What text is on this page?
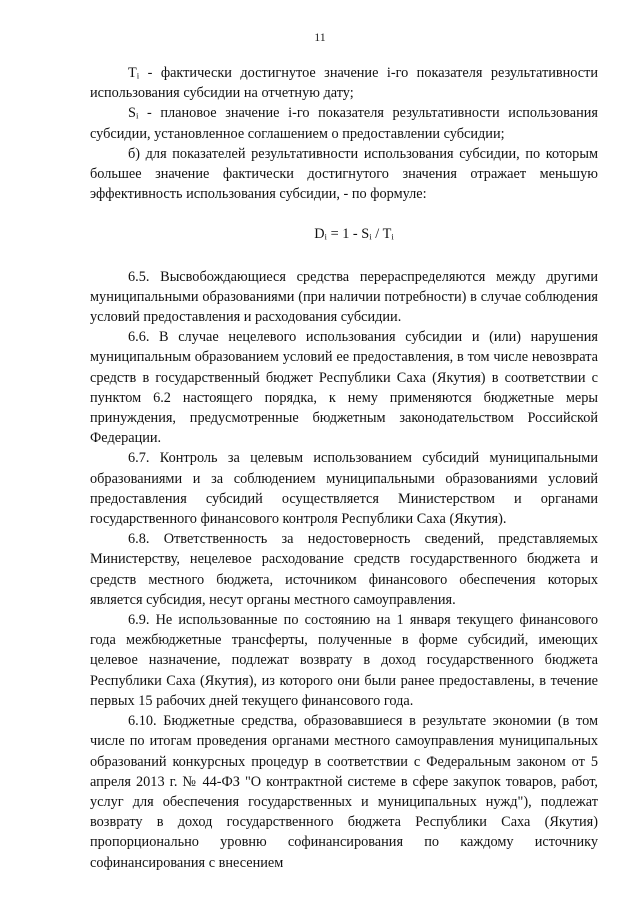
11

$T_i$ - фактически достигнутое значение i-го показателя результативности использования субсидии на отчетную дату;

$S_i$ - плановое значение i-го показателя результативности использования субсидии, установленное соглашением о предоставлении субсидии;

б) для показателей результативности использования субсидии, по которым большее значение фактически достигнутого значения отражает меньшую эффективность использования субсидии, - по формуле:

$D_i = 1 - S_i / T_i$

6.5. Высвобождающиеся средства перераспределяются между другими муниципальными образованиями (при наличии потребности) в случае соблюдения условий предоставления и расходования субсидии.

6.6. В случае нецелевого использования субсидии и (или) нарушения муниципальным образованием условий ее предоставления, в том числе невозврата средств в государственный бюджет Республики Саха (Якутия) в соответствии с пунктом 6.2 настоящего порядка, к нему применяются бюджетные меры принуждения, предусмотренные бюджетным законодательством Российской Федерации.

6.7. Контроль за целевым использованием субсидий муниципальными образованиями и за соблюдением муниципальными образованиями условий предоставления субсидий осуществляется Министерством и органами государственного финансового контроля Республики Саха (Якутия).

6.8. Ответственность за недостоверность сведений, представляемых Министерству, нецелевое расходование средств государственного бюджета и средств местного бюджета, источником финансового обеспечения которых является субсидия, несут органы местного самоуправления.

6.9. Не использованные по состоянию на 1 января текущего финансового года межбюджетные трансферты, полученные в форме субсидий, имеющих целевое назначение, подлежат возврату в доход государственного бюджета Республики Саха (Якутия), из которого они были ранее предоставлены, в течение первых 15 рабочих дней текущего финансового года.

6.10. Бюджетные средства, образовавшиеся в результате экономии (в том числе по итогам проведения органами местного самоуправления муниципальных образований конкурсных процедур в соответствии с Федеральным законом от 5 апреля 2013 г. № 44-ФЗ "О контрактной системе в сфере закупок товаров, работ, услуг для обеспечения государственных и муниципальных нужд"), подлежат возврату в доход государственного бюджета Республики Саха (Якутия) пропорционально уровню софинансирования по каждому источнику софинансирования с внесением
